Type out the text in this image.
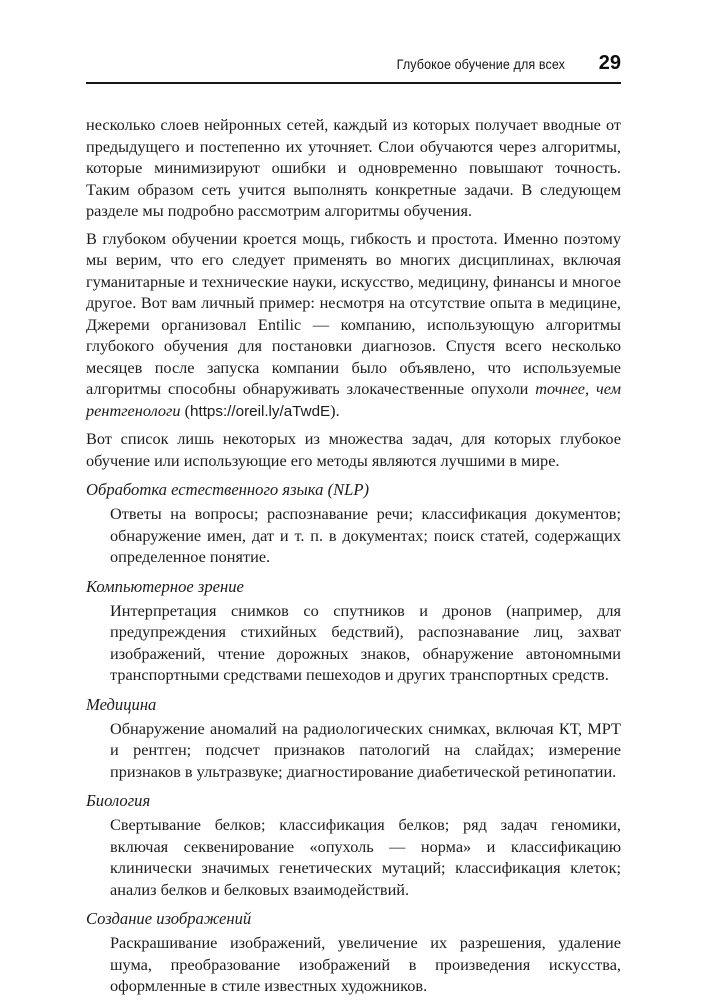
Глубокое обучение для всех 29

несколько слоев нейронных сетей, каждый из которых получает вводные от предыдущего и постепенно их уточняет. Слои обучаются через алгоритмы, которые минимизируют ошибки и одновременно повышают точность. Таким образом сеть учится выполнять конкретные задачи. В следующем разделе мы подробно рассмотрим алгоритмы обучения.

В глубоком обучении кроется мощь, гибкость и простота. Именно поэтому мы верим, что его следует применять во многих дисциплинах, включая гуманитарные и технические науки, искусство, медицину, финансы и многое другое. Вот вам личный пример: несмотря на отсутствие опыта в медицине, Джереми организовал Entilic — компанию, использующую алгоритмы глубокого обучения для постановки диагнозов. Спустя всего несколько месяцев после запуска компании было объявлено, что используемые алгоритмы способны обнаруживать злокачественные опухоли точнее, чем рентгенологи (https://oreil.ly/aTwdE).

Вот список лишь некоторых из множества задач, для которых глубокое обучение или использующие его методы являются лучшими в мире.

Обработка естественного языка (NLP)

Ответы на вопросы; распознавание речи; классификация документов; обнаружение имен, дат и т. п. в документах; поиск статей, содержащих определенное понятие.

Компьютерное зрение

Интерпретация снимков со спутников и дронов (например, для предупреждения стихийных бедствий), распознавание лиц, захват изображений, чтение дорожных знаков, обнаружение автономными транспортными средствами пешеходов и других транспортных средств.

Медицина

Обнаружение аномалий на радиологических снимках, включая КТ, МРТ и рентген; подсчет признаков патологий на слайдах; измерение признаков в ультразвуке; диагностирование диабетической ретинопатии.

Биология

Свертывание белков; классификация белков; ряд задач геномики, включая секвенирование «опухоль — норма» и классификацию клинически значимых генетических мутаций; классификация клеток; анализ белков и белковых взаимодействий.

Создание изображений

Раскрашивание изображений, увеличение их разрешения, удаление шума, преобразование изображений в произведения искусства, оформленные в стиле известных художников.
